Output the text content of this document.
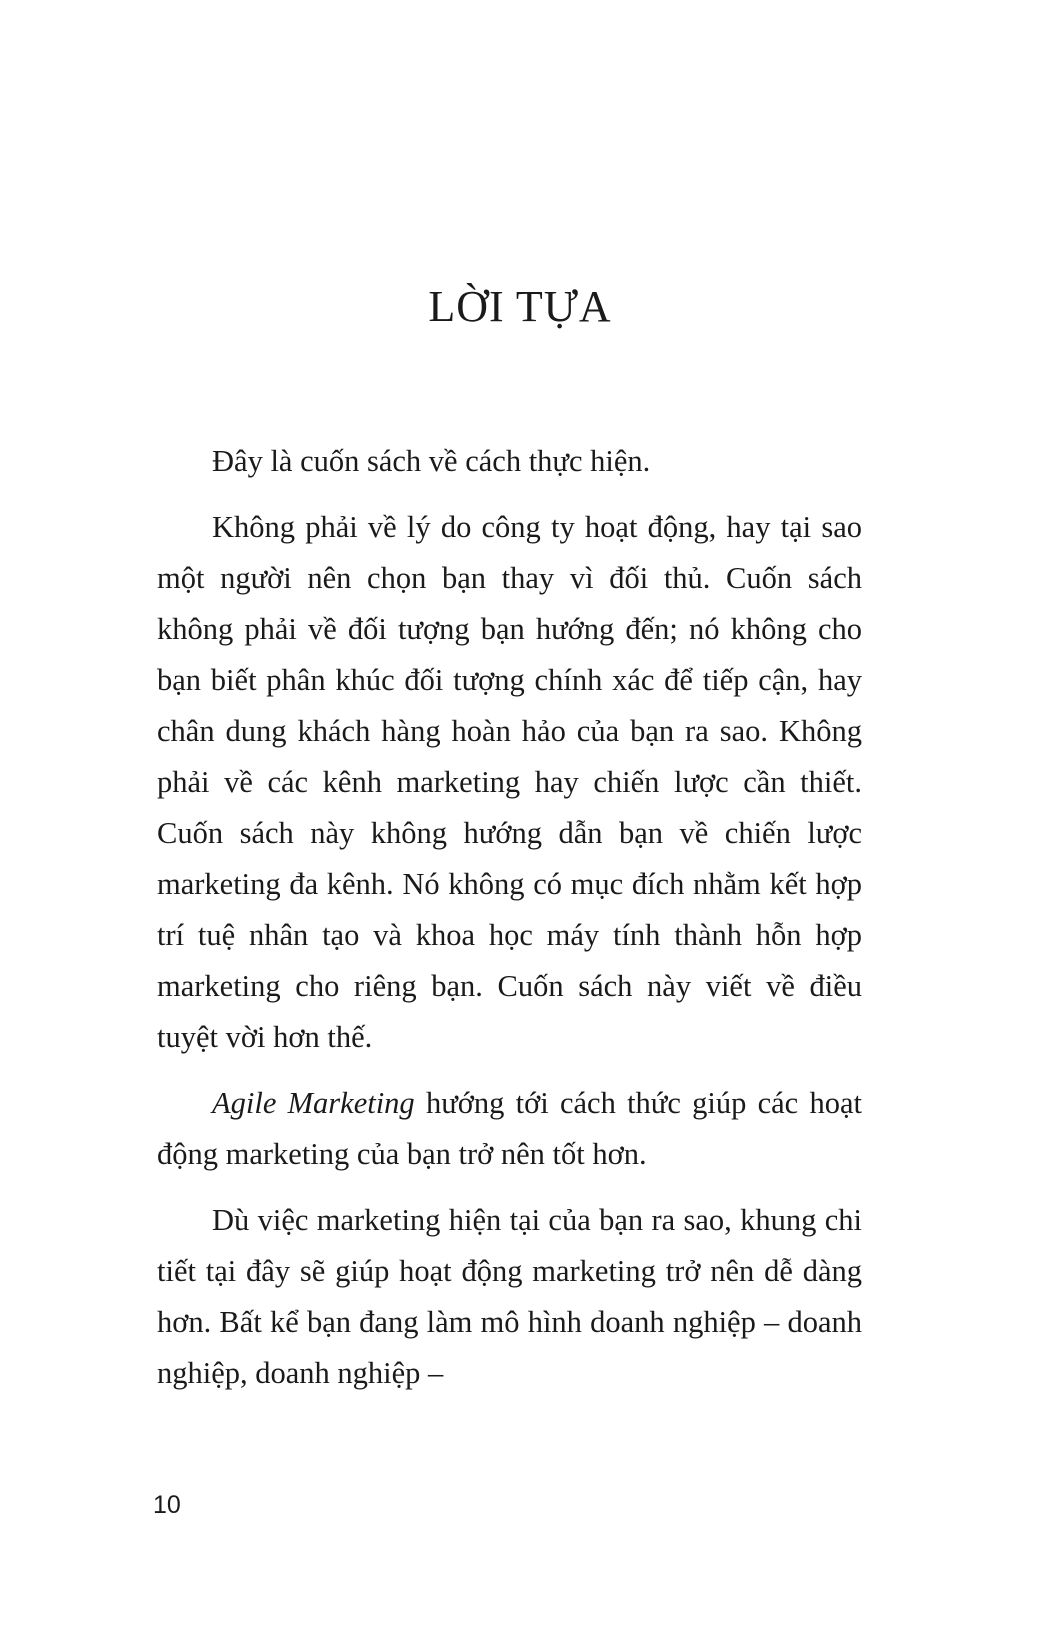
LỜI TỰA

Đây là cuốn sách về cách thực hiện.

Không phải về lý do công ty hoạt động, hay tại sao một người nên chọn bạn thay vì đối thủ. Cuốn sách không phải về đối tượng bạn hướng đến; nó không cho bạn biết phân khúc đối tượng chính xác để tiếp cận, hay chân dung khách hàng hoàn hảo của bạn ra sao. Không phải về các kênh marketing hay chiến lược cần thiết. Cuốn sách này không hướng dẫn bạn về chiến lược marketing đa kênh. Nó không có mục đích nhằm kết hợp trí tuệ nhân tạo và khoa học máy tính thành hỗn hợp marketing cho riêng bạn. Cuốn sách này viết về điều tuyệt vời hơn thế.

Agile Marketing hướng tới cách thức giúp các hoạt động marketing của bạn trở nên tốt hơn.

Dù việc marketing hiện tại của bạn ra sao, khung chi tiết tại đây sẽ giúp hoạt động marketing trở nên dễ dàng hơn. Bất kể bạn đang làm mô hình doanh nghiệp – doanh nghiệp, doanh nghiệp –

10
